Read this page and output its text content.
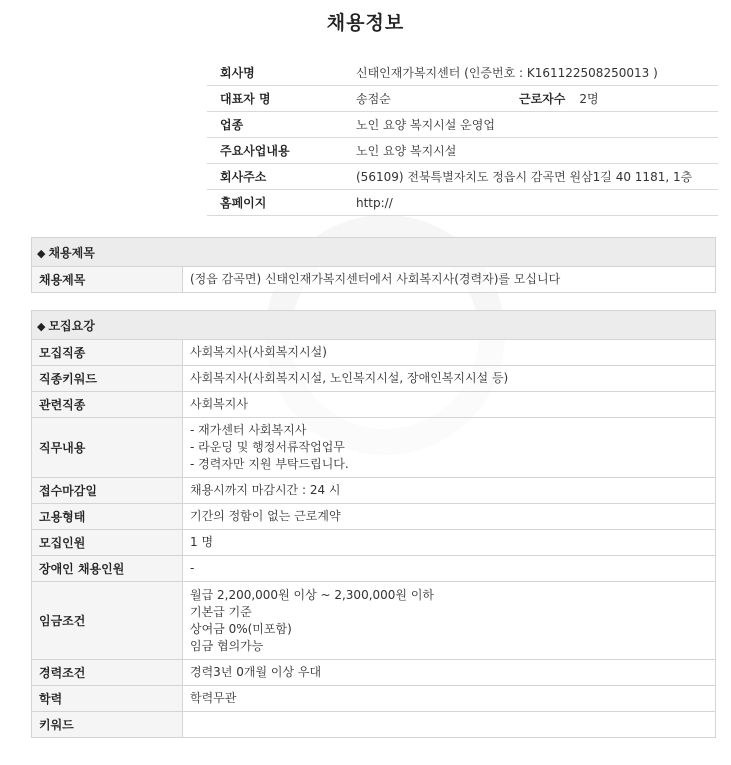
채용정보
회사명	신태인재가복지센터 (인증번호 : K161122508250013 )
대표자 명	송점순 근로자수 2명
업종	노인 요양 복지시설 운영업
주요사업내용	노인 요양 복지시설
회사주소	(56109) 전북특별자치도 정읍시 감곡면 원삼1길 40 1181, 1층
홈페이지	http://
◆ 채용제목
채용제목	(정읍 감곡면) 신태인재가복지센터에서 사회복지사(경력자)를 모십니다
◆ 모집요강	
모집직종	사회복지사(사회복지시설)

직종키워드	사회복지사(사회복지시설, 노인복지시설, 장애인복지시설 등)

관련직종	사회복지사

직무내용	- 재가센터 사회복지사
- 라운딩 및 행정서류작업업무
- 경력자만 지원 부탁드립니다.

접수마감일	채용시까지 마감시간 : 24 시

고용형태	기간의 정함이 없는 근로계약

모집인원	1 명

장애인 채용인원	-

임금조건	월급 2,200,000원 이상 ~ 2,300,000원 이하
기본급 기준
상여금 0%(미포함)
임금 협의가능

경력조건	경력3년 0개월 이상 우대

학력	학력무관

키워드	
